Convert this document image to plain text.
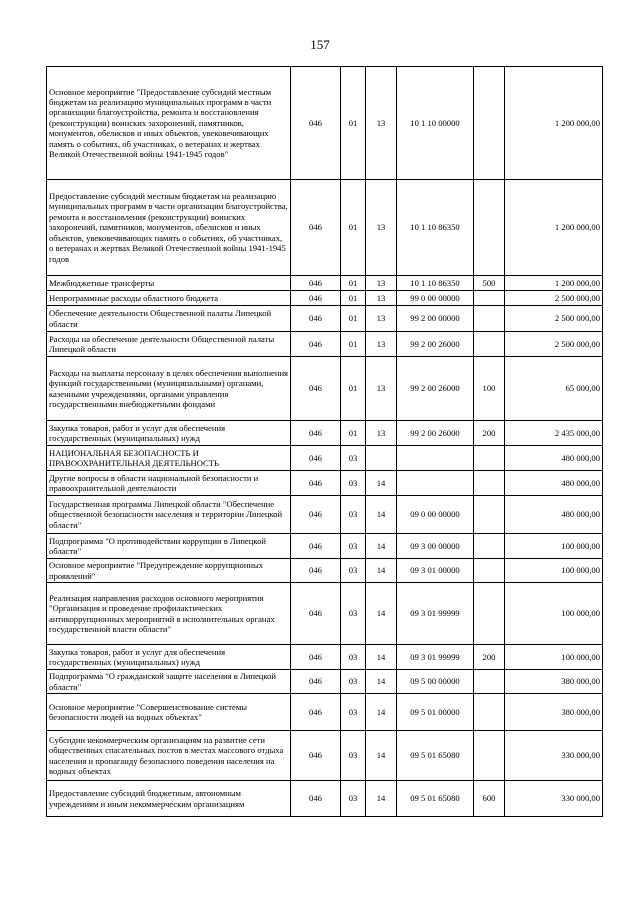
157
Основное мероприятие "Предоставление субсидий местным бюджетам на реализацию муниципальных программ в части организации благоустройства, ремонта и восстановления (реконструкции) воинских захоронений, памятников, монументов, обелисков и иных объектов, увековечивающих память о событиях, об участниках, о ветеранах и жертвах Великой Отечественной войны 1941-1945 годов"	046	01	13	10 1 10 00000		1 200 000,00
Предоставление субсидий местным бюджетам на реализацию муниципальных программ в части организации благоустройства, ремонта и восстановления (реконструкции) воинских захоронений, памятников, монументов, обелисков и иных объектов, увековечивающих память о событиях, об участниках, о ветеранах и жертвах Великой Отечественной войны 1941-1945 годов	046	01	13	10 1 10 86350		1 200 000,00
Межбюджетные трансферты	046	01	13	10 1 10 86350	500	1 200 000,00
Непрограммные расходы областного бюджета	046	01	13	99 0 00 00000		2 500 000,00
Обеспечение деятельности Общественной палаты Липецкой области	046	01	13	99 2 00 00000		2 500 000,00
Расходы на обеспечение деятельности Общественной палаты Липецкой области	046	01	13	99 2 00 26000		2 500 000,00
Расходы на выплаты персоналу в целях обеспечения выполнения функций государственными (муниципальными) органами, казенными учреждениями, органами управления государственными внебюджетными фондами	046	01	13	99 2 00 26000	100	65 000,00
Закупка товаров, работ и услуг для обеспечения государственных (муниципальных) нужд	046	01	13	99 2 00 26000	200	2 435 000,00
НАЦИОНАЛЬНАЯ БЕЗОПАСНОСТЬ И ПРАВООХРАНИТЕЛЬНАЯ ДЕЯТЕЛЬНОСТЬ	046	03				480 000,00
Другие вопросы в области национальной безопасности и правоохранительной деятельности	046	03	14			480 000,00
Государственная программа Липецкой области "Обеспечение общественной безопасности населения и территории Липецкой области"	046	03	14	09 0 00 00000		480 000,00
Подпрограмма "О противодействии коррупции в Липецкой области"	046	03	14	09 3 00 00000		100 000,00
Основное мероприятие "Предупреждение коррупционных проявлений"	046	03	14	09 3 01 00000		100 000,00
Реализация направления расходов основного мероприятия "Организация и проведение профилактических антикоррупционных мероприятий в исполнительных органах государственной власти области"	046	03	14	09 3 01 99999		100 000,00
Закупка товаров, работ и услуг для обеспечения государственных (муниципальных) нужд	046	03	14	09 3 01 99999	200	100 000,00
Подпрограмма "О гражданской защите населения в Липецкой области"	046	03	14	09 5 00 00000		380 000,00
Основное мероприятие "Совершенствование системы безопасности людей на водных объектах"	046	03	14	09 5 01 00000		380 000,00
Субсидии некоммерческим организациям на развитие сети общественных спасательных постов в местах массового отдыха населения и пропаганду безопасного поведения населения на водных объектах	046	03	14	09 5 01 65080		330 000,00
Предоставление субсидий бюджетным, автономным учреждениям и иным некоммерческим организациям	046	03	14	09 5 01 65080	600	330 000,00
